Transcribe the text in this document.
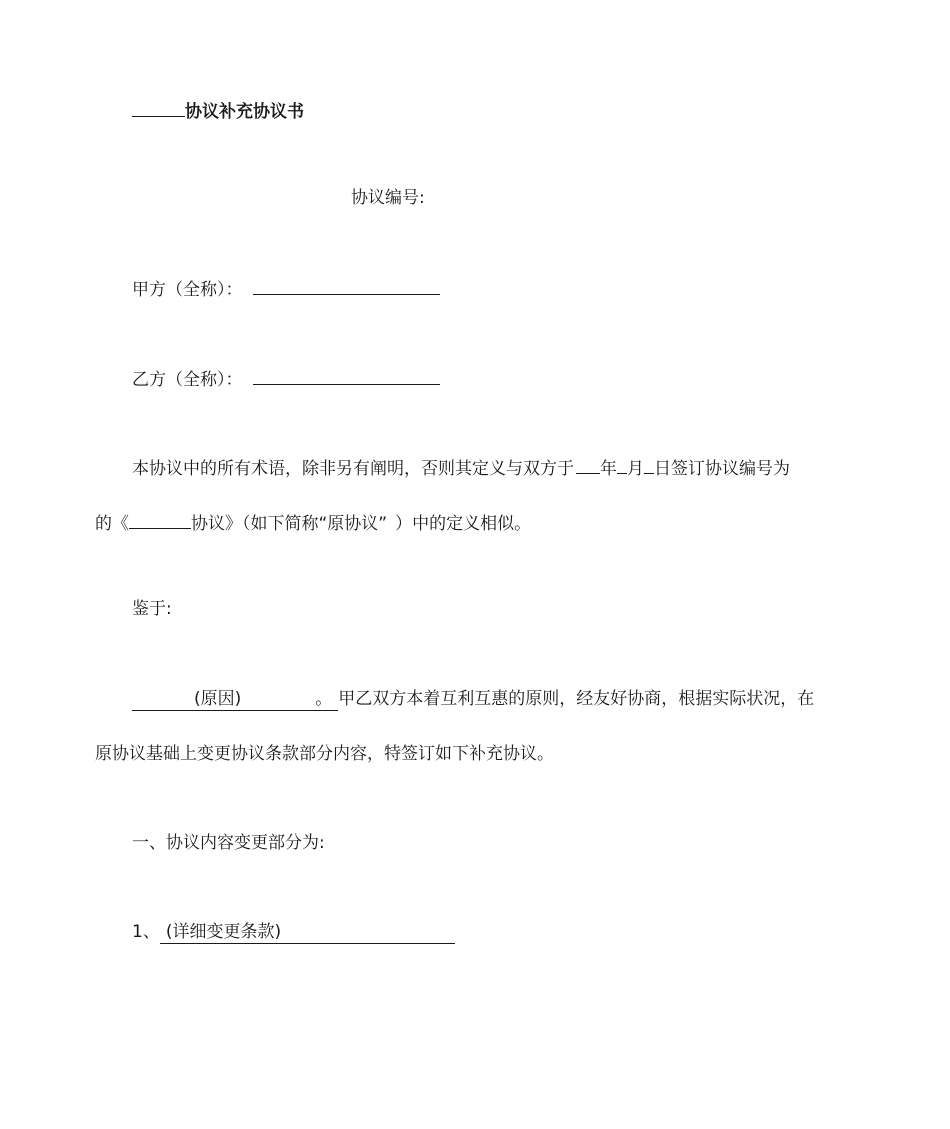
协议补充协议书
协议编号:
甲方（全称）：
乙方（全称）：
本协议中的所有术语，除非另有阐明，否则其定义与双方于 年 月 日签订协议编号为
的《	协议》（如下简称“原协议” ）中的定义相似。
鉴于:
(原因)	。 甲乙双方本着互利互惠的原则，经友好协商，根据实际状况，在
原协议基础上变更协议条款部分内容，特签订如下补充协议。
一、协议内容变更部分为:
1、 (详细变更条款)
